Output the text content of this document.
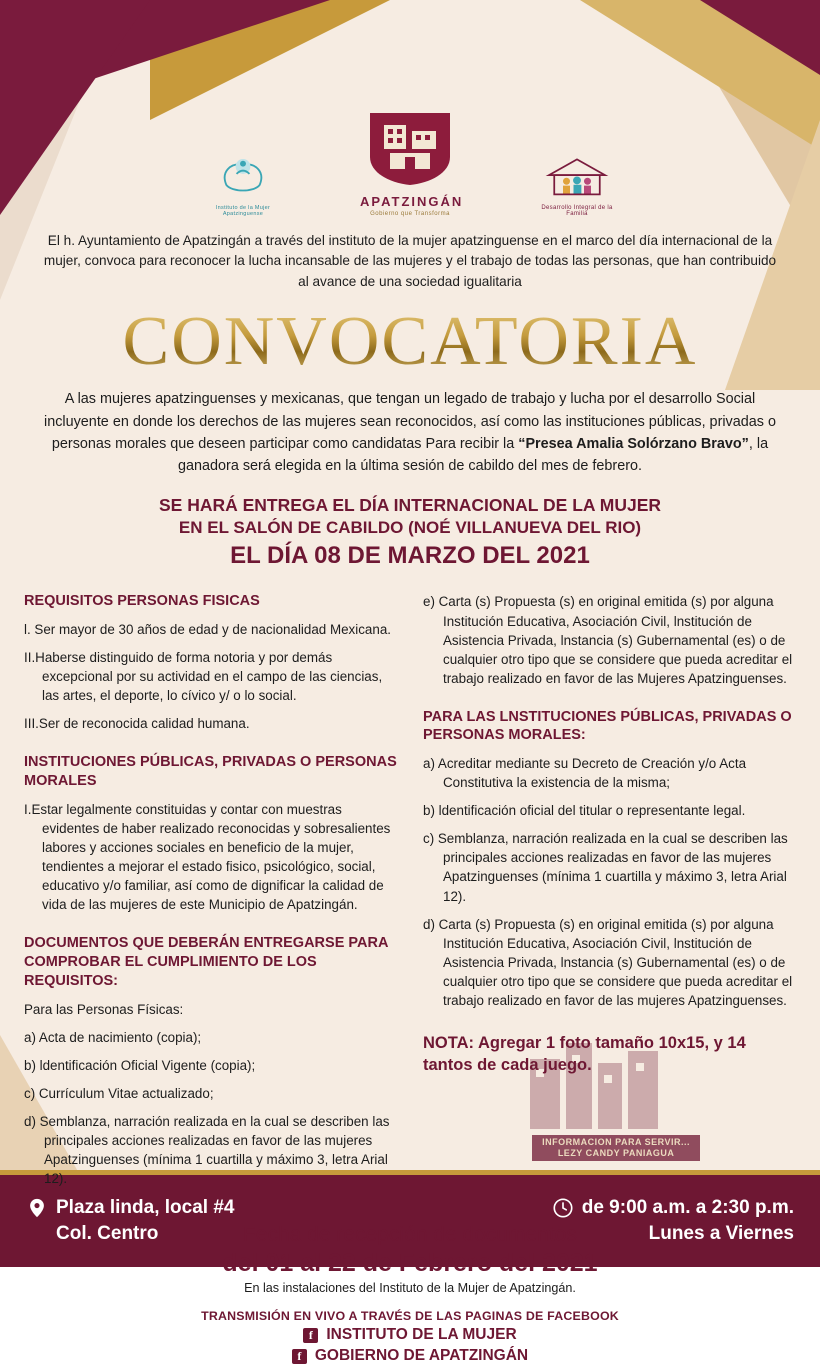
Instituto de la Mujer Apatzinguense
APATZINGÁN
Gobierno que Transforma
Desarrollo Integral de la Familia
El h. Ayuntamiento de Apatzingán a través del instituto de la mujer apatzinguense en el marco del día internacional de la mujer, convoca para reconocer la lucha incansable de las mujeres y el trabajo de todas las personas, que han contribuido al avance de una sociedad igualitaria
CONVOCATORIA
A las mujeres apatzinguenses y mexicanas, que tengan un legado de trabajo y lucha por el desarrollo Social incluyente en donde los derechos de las mujeres sean reconocidos, así como las instituciones públicas, privadas o personas morales que deseen participar como candidatas Para recibir la “Presea Amalia Solórzano Bravo”, la ganadora será elegida en la última sesión de cabildo del mes de febrero.
SE HARÁ ENTREGA EL DÍA INTERNACIONAL DE LA MUJER
EN EL SALÓN DE CABILDO (NOÉ VILLANUEVA DEL RIO)
EL DÍA 08 DE MARZO DEL 2021
REQUISITOS PERSONAS FISICAS

l. Ser mayor de 30 años de edad y de nacionalidad Mexicana.

II.Haberse distinguido de forma notoria y por demás excepcional por su actividad en el campo de las ciencias, las artes, el deporte, lo cívico y/ o lo social.

III.Ser de reconocida calidad humana.

INSTITUCIONES PÚBLICAS, PRIVADAS O PERSONAS MORALES

I.Estar legalmente constituidas y contar con muestras evidentes de haber realizado reconocidas y sobresalientes labores y acciones sociales en beneficio de la mujer, tendientes a mejorar el estado fisico, psicológico, social, educativo y/o familiar, así como de dignificar la calidad de vida de las mujeres de este Municipio de Apatzingán.

DOCUMENTOS QUE DEBERÁN ENTREGARSE PARA COMPROBAR EL CUMPLIMIENTO DE LOS REQUISITOS:

Para las Personas Físicas:

a) Acta de nacimiento (copia);

b) ldentificación Oficial Vigente (copia);

c) Currículum Vitae actualizado;

d) Semblanza, narración realizada en la cual se describen las principales acciones realizadas en favor de las mujeres Apatzinguenses (mínima 1 cuartilla y máximo 3, letra Arial 12).

e) Carta (s) Propuesta (s) en original emitida (s) por alguna Institución Educativa, Asociación Civil, lnstitución de Asistencia Privada, lnstancia (s) Gubernamental (es) o de cualquier otro tipo que se considere que pueda acreditar el trabajo realizado en favor de las Mujeres Apatzinguenses.

PARA LAS LNSTITUCIONES PÚBLICAS, PRIVADAS O PERSONAS MORALES:

a) Acreditar mediante su Decreto de Creación y/o Acta Constitutiva la existencia de la misma;

b) ldentificación oficial del titular o representante legal.

c) Semblanza, narración realizada en la cual se describen las principales acciones realizadas en favor de las mujeres Apatzinguenses (mínima 1 cuartilla y máximo 3, letra Arial 12).

d) Carta (s) Propuesta (s) en original emitida (s) por alguna Institución Educativa, Asociación Civil, lnstitución de Asistencia Privada, lnstancia (s) Gubernamental (es) o de cualquier otro tipo que se considere que pueda acreditar el trabajo realizado en favor de las mujeres Apatzinguenses.

NOTA: Agregar 1 foto tamaño 10x15, y 14 tantos de cada juego.
Fecha de recepción de documentos
del 01 al 22 de Febrero del 2021
En las instalaciones del Instituto de la Mujer de Apatzingán.
TRANSMISIÓN EN VIVO A TRAVÉS DE LAS PAGINAS DE FACEBOOK
f INSTITUTO DE LA MUJER
f GOBIERNO DE APATZINGÁN
INFORMACION PARA SERVIR...
LEZY CANDY PANIAGUA
Plaza linda, local #4
Col. Centro
de 9:00 a.m. a 2:30 p.m.
Lunes a Viernes
